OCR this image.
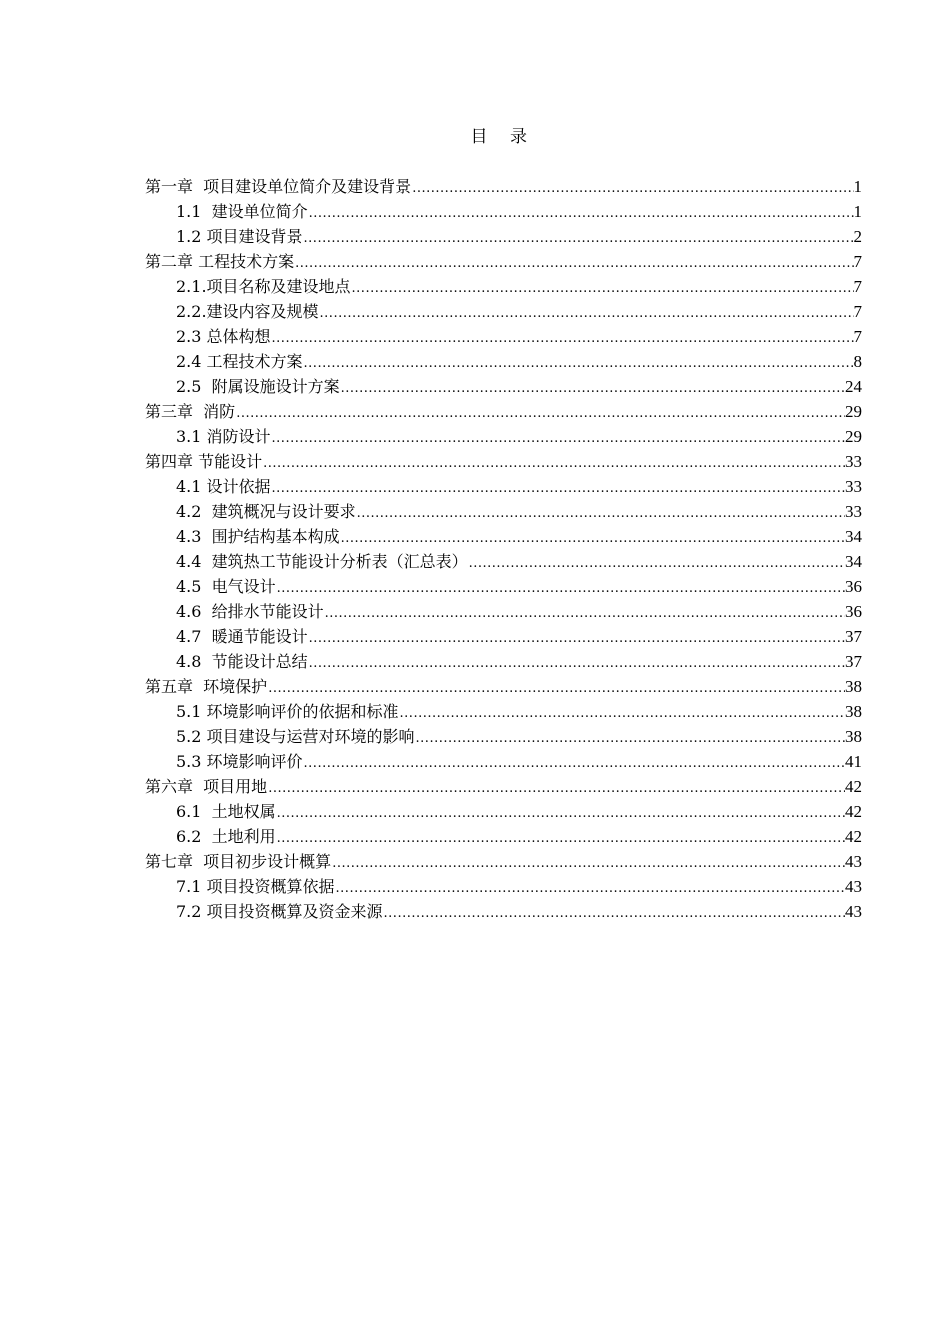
目 录
第一章  项目建设单位简介及建设背景 .....	1
1.1  建设单位简介 .....	1
1.2 项目建设背景 .....	2
第二章 工程技术方案 .....	7
2.1.项目名称及建设地点 .....	7
2.2.建设内容及规模 .....	7
2.3 总体构想 .....	7
2.4 工程技术方案 .....	8
2.5  附属设施设计方案 .....	24
第三章  消防 .....	29
3.1 消防设计 .....	29
第四章 节能设计 .....	33
4.1 设计依据 .....	33
4.2  建筑概况与设计要求 .....	33
4.3  围护结构基本构成 .....	34
4.4  建筑热工节能设计分析表（汇总表） .....	34
4.5  电气设计 .....	36
4.6  给排水节能设计 .....	36
4.7  暖通节能设计 .....	37
4.8  节能设计总结 .....	37
第五章  环境保护 .....	38
5.1 环境影响评价的依据和标准 .....	38
5.2 项目建设与运营对环境的影响 .....	38
5.3 环境影响评价 .....	41
第六章  项目用地 .....	42
6.1  土地权属 .....	42
6.2  土地利用 .....	42
第七章  项目初步设计概算 .....	43
7.1 项目投资概算依据 .....	43
7.2 项目投资概算及资金来源 .....	43
